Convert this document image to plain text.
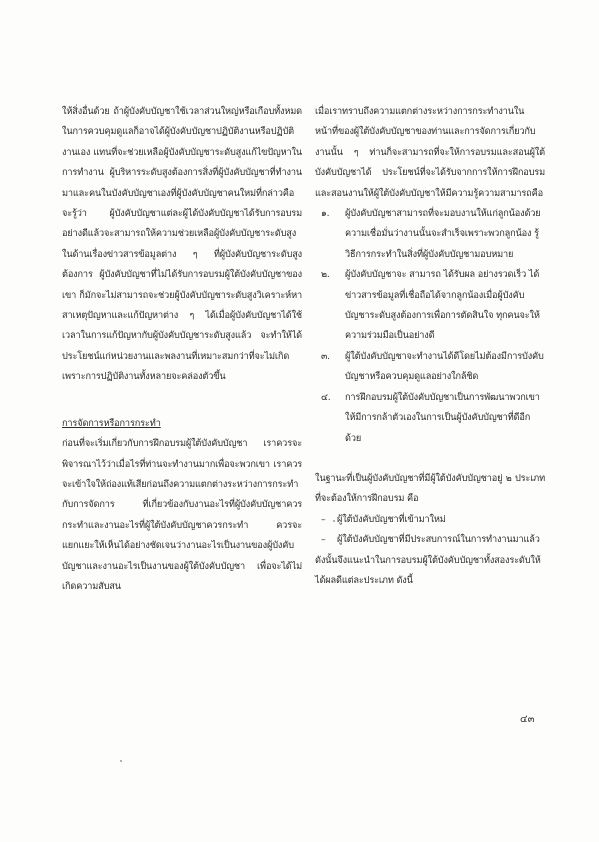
ให้สิ่งอื่นด้วย ถ้าผู้บังคับบัญชาใช้เวลาส่วนใหญ่หรือเกือบทั้งหมดในการควบคุมดูแลก็อาจได้ผู้บังคับบัญชาปฏิบัติงานหรือปฏิบัติงานเอง แทนที่จะช่วยเหลือผู้บังคับบัญชาระดับสูงแก้ไขปัญหาในการทำงาน ผู้บริหารระดับสูงต้องการสิ่งที่ผู้บังคับบัญชาที่ทำงานมาและคนในบังคับบัญชาเองที่ผู้บังคับบัญชาคนใหม่ที่กล่าวคือจะรู้ว่า ผู้บังคับบัญชาแต่ละผู้ได้บังคับบัญชาได้รับการอบรมอย่างดีแล้วจะสามารถให้ความช่วยเหลือผู้บังคับบัญชาระดับสูงในด้านเรื่องข่าวสารข้อมูลต่าง ๆ ที่ผู้บังคับบัญชาระดับสูงต้องการ ผู้บังคับบัญชาที่ไม่ได้รับการอบรมผู้ใต้บังคับบัญชาของเขา ก็มักจะไม่สามารถจะช่วยผู้บังคับบัญชาระดับสูงวิเคราะห์หาสาเหตุปัญหาและแก้ปัญหาต่าง ๆ ได้เมื่อผู้บังคับบัญชาได้ใช้เวลาในการแก้ปัญหากับผู้บังคับบัญชาระดับสูงแล้ว จะทำให้ได้ประโยชน์แก่หน่วยงานและพลงานที่เหมาะสมกว่าที่จะไม่เกิด เพราะการปฏิบัติงานทั้งหลายจะคล่องตัวขึ้น

การจัดการหรือการกระทำ

ก่อนที่จะเริ่มเกี่ยวกับการฝึกอบรมผู้ใต้บังคับบัญชา เราควรจะพิจารณาไว้ว่าเมื่อไรที่ท่านจะทำงานมากเพื่อจะพวกเขา เราควรจะเข้าใจให้ถ่องแท้เสียก่อนถึงความแตกต่างระหว่างการกระทำกับการจัดการ ที่เกี่ยวข้องกับงานอะไรที่ผู้บังคับบัญชาควรกระทำและงานอะไรที่ผู้ใต้บังคับบัญชาควรกระทำ ควรจะแยกแยะให้เห็นได้อย่างชัดเจนว่างานอะไรเป็นงานของผู้บังคับบัญชาและงานอะไรเป็นงานของผู้ใต้บังคับบัญชา เพื่อจะได้ไม่เกิดความสับสน

เมื่อเราทราบถึงความแตกต่างระหว่างการกระทำงานในหน้าที่ของผู้ใต้บังคับบัญชาของท่านและการจัดการเกี่ยวกับงานนั้น ๆ ท่านก็จะสามารถที่จะให้การอบรมและสอนผู้ใต้บังคับบัญชาได้ ประโยชน์ที่จะได้รับจากการให้การฝึกอบรมและสอนงานให้ผู้ใต้บังคับบัญชาให้มีความรู้ความสามารถคือ

๑. ผู้บังคับบัญชาสามารถที่จะมอบงานให้แก่ลูกน้องด้วยความเชื่อมั่นว่างานนั้นจะสำเร็จเพราะพวกลูกน้อง รู้วิธีการกระทำในสิ่งที่ผู้บังคับบัญชามอบหมาย
๒. ผู้บังคับบัญชาจะ สามารถ ได้รับผล อย่างรวดเร็ว ได้ข่าวสารข้อมูลที่เชื่อถือได้จากลูกน้องเมื่อผู้บังคับบัญชาระดับสูงต้องการเพื่อการตัดสินใจ ทุกคนจะให้ความร่วมมือเป็นอย่างดี
๓. ผู้ใต้บังคับบัญชาจะทำงานได้ดีโดยไม่ต้องมีการบังคับบัญชาหรือควบคุมดูแลอย่างใกล้ชิด
๔. การฝึกอบรมผู้ใต้บังคับบัญชาเป็นการพัฒนาพวกเขาให้มีการกล้าตัวเองในการเป็นผู้บังคับบัญชาที่ดีอีกด้วย

ในฐานะที่เป็นผู้บังคับบัญชาที่มีผู้ใต้บังคับบัญชาอยู่ ๒ ประเภทที่จะต้องให้การฝึกอบรม คือ

– ผู้ใต้บังคับบัญชาที่เข้ามาใหม่
– ผู้ใต้บังคับบัญชาที่มีประสบการณ์ในการทำงานมาแล้ว

ดังนั้นจึงแนะนำในการอบรมผู้ใต้บังคับบัญชาทั้งสองระดับให้ได้ผลดีแต่ละประเภท ดังนี้

๔๓
